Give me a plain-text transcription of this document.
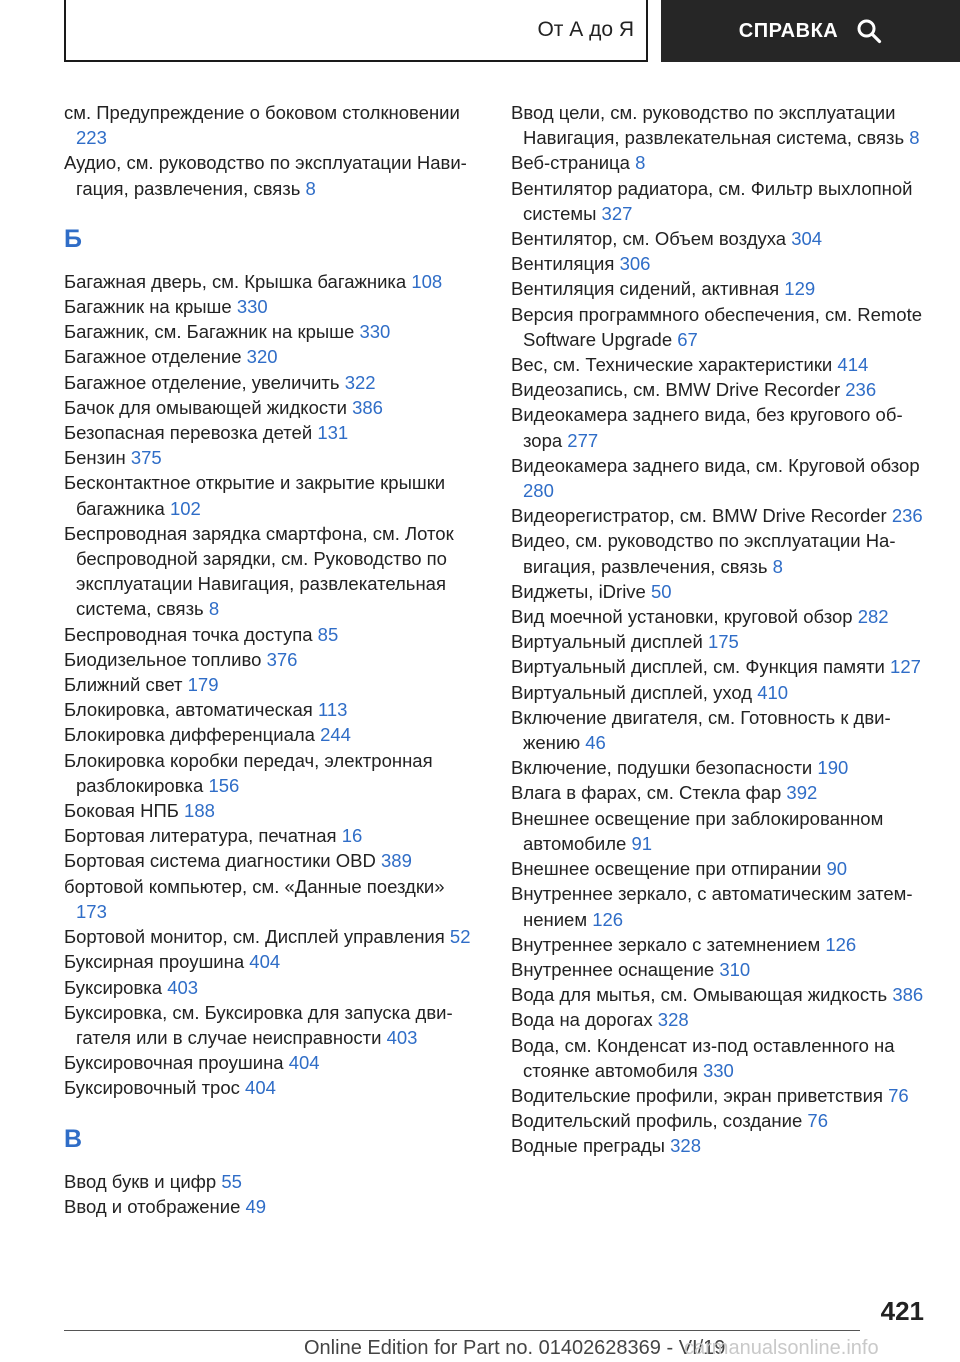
От А до Я	СПРАВКА
см. Предупреждение о боковом столкновении 223
Аудио, см. руководство по эксплуатации Навигация, развлечения, связь 8
Б
Багажная дверь, см. Крышка багажника 108
Багажник на крыше 330
Багажник, см. Багажник на крыше 330
Багажное отделение 320
Багажное отделение, увеличить 322
Бачок для омывающей жидкости 386
Безопасная перевозка детей 131
Бензин 375
Бесконтактное открытие и закрытие крышки багажника 102
Беспроводная зарядка смартфона, см. Лоток беспроводной зарядки, см. Руководство по эксплуатации Навигация, развлекательная система, связь 8
Беспроводная точка доступа 85
Биодизельное топливо 376
Ближний свет 179
Блокировка, автоматическая 113
Блокировка дифференциала 244
Блокировка коробки передач, электронная разблокировка 156
Боковая НПБ 188
Бортовая литература, печатная 16
Бортовая система диагностики OBD 389
бортовой компьютер, см. «Данные поездки» 173
Бортовой монитор, см. Дисплей управления 52
Буксирная проушина 404
Буксировка 403
Буксировка, см. Буксировка для запуска двигателя или в случае неисправности 403
Буксировочная проушина 404
Буксировочный трос 404
В
Ввод букв и цифр 55
Ввод и отображение 49
Ввод цели, см. руководство по эксплуатации Навигация, развлекательная система, связь 8
Веб-страница 8
Вентилятор радиатора, см. Фильтр выхлопной системы 327
Вентилятор, см. Объем воздуха 304
Вентиляция 306
Вентиляция сидений, активная 129
Версия программного обеспечения, см. Remote Software Upgrade 67
Вес, см. Технические характеристики 414
Видеозапись, см. BMW Drive Recorder 236
Видеокамера заднего вида, без кругового обзора 277
Видеокамера заднего вида, см. Круговой обзор 280
Видеорегистратор, см. BMW Drive Recorder 236
Видео, см. руководство по эксплуатации Навигация, развлечения, связь 8
Виджеты, iDrive 50
Вид моечной установки, круговой обзор 282
Виртуальный дисплей 175
Виртуальный дисплей, см. Функция памяти 127
Виртуальный дисплей, уход 410
Включение двигателя, см. Готовность к движению 46
Включение, подушки безопасности 190
Влага в фарах, см. Стекла фар 392
Внешнее освещение при заблокированном автомобиле 91
Внешнее освещение при отпирании 90
Внутреннее зеркало, с автоматическим затемнением 126
Внутреннее зеркало с затемнением 126
Внутреннее оснащение 310
Вода для мытья, см. Омывающая жидкость 386
Вода на дорогах 328
Вода, см. Конденсат из-под оставленного на стоянке автомобиля 330
Водительские профили, экран приветствия 76
Водительский профиль, создание 76
Водные преграды 328
421
Online Edition for Part no. 01402628369 - VI/19
carmanualsonline.info
